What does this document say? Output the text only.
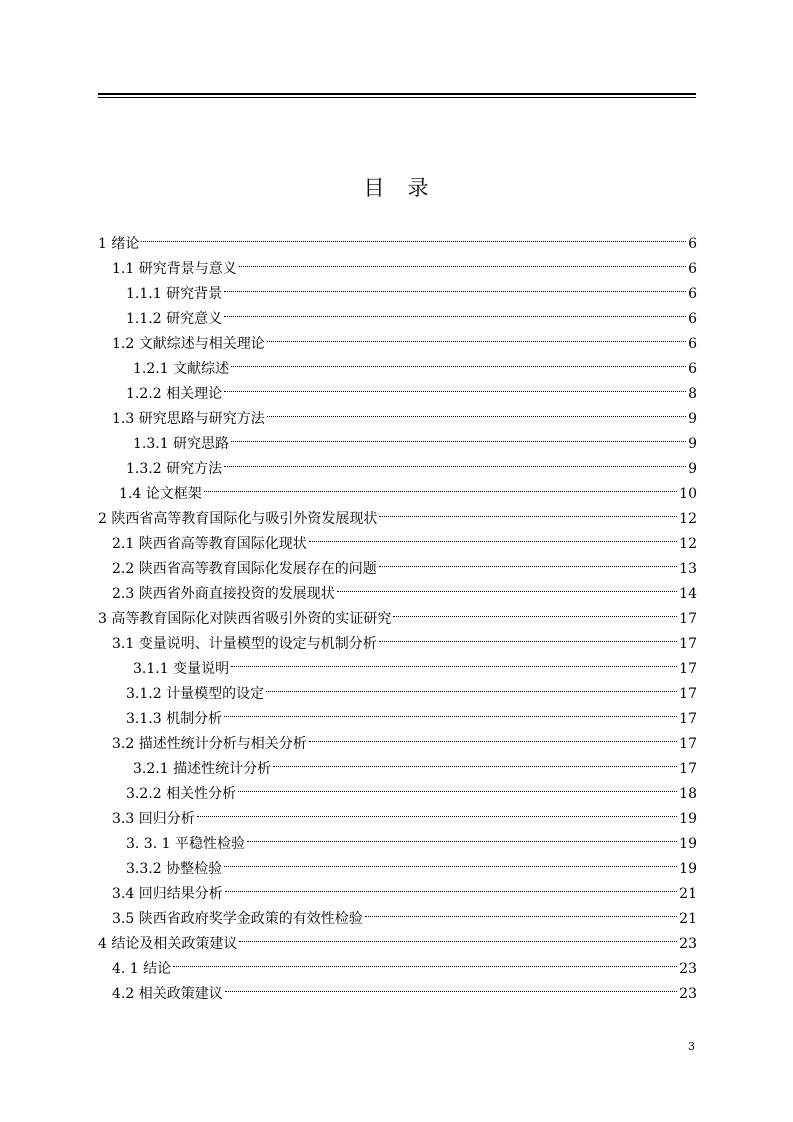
目　录
1 绪论	6
1.1 研究背景与意义	6
1.1.1 研究背景	6
1.1.2 研究意义	6
1.2 文献综述与相关理论	6
1.2.1 文献综述	6
1.2.2 相关理论	8
1.3 研究思路与研究方法	9
1.3.1 研究思路	9
1.3.2 研究方法	9
1.4 论文框架	10
2 陕西省高等教育国际化与吸引外资发展现状	12
2.1 陕西省高等教育国际化现状	12
2.2 陕西省高等教育国际化发展存在的问题	13
2.3 陕西省外商直接投资的发展现状	14
3 高等教育国际化对陕西省吸引外资的实证研究	17
3.1 变量说明、计量模型的设定与机制分析	17
3.1.1 变量说明	17
3.1.2 计量模型的设定	17
3.1.3 机制分析	17
3.2 描述性统计分析与相关分析	17
3.2.1 描述性统计分析	17
3.2.2 相关性分析	18
3.3 回归分析	19
3. 3. 1 平稳性检验	19
3.3.2 协整检验	19
3.4 回归结果分析	21
3.5 陕西省政府奖学金政策的有效性检验	21
4 结论及相关政策建议	23
4. 1 结论	23
4.2 相关政策建议	23
3
